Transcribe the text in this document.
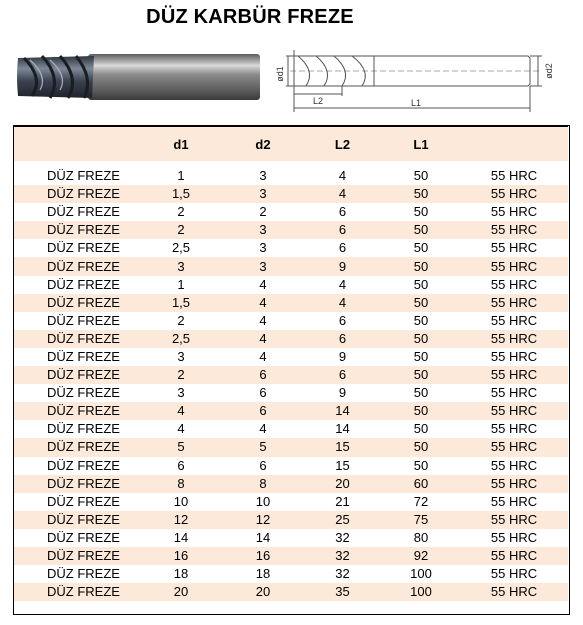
DÜZ KARBÜR FREZE
ød1	ød2
L2	L1
	d1	d2	L2	L1	
DÜZ FREZE	1	3	4	50	55 HRC
DÜZ FREZE	1,5	3	4	50	55 HRC
DÜZ FREZE	2	2	6	50	55 HRC
DÜZ FREZE	2	3	6	50	55 HRC
DÜZ FREZE	2,5	3	6	50	55 HRC
DÜZ FREZE	3	3	9	50	55 HRC
DÜZ FREZE	1	4	4	50	55 HRC
DÜZ FREZE	1,5	4	4	50	55 HRC
DÜZ FREZE	2	4	6	50	55 HRC
DÜZ FREZE	2,5	4	6	50	55 HRC
DÜZ FREZE	3	4	9	50	55 HRC
DÜZ FREZE	2	6	6	50	55 HRC
DÜZ FREZE	3	6	9	50	55 HRC
DÜZ FREZE	4	6	14	50	55 HRC
DÜZ FREZE	4	4	14	50	55 HRC
DÜZ FREZE	5	5	15	50	55 HRC
DÜZ FREZE	6	6	15	50	55 HRC
DÜZ FREZE	8	8	20	60	55 HRC
DÜZ FREZE	10	10	21	72	55 HRC
DÜZ FREZE	12	12	25	75	55 HRC
DÜZ FREZE	14	14	32	80	55 HRC
DÜZ FREZE	16	16	32	92	55 HRC
DÜZ FREZE	18	18	32	100	55 HRC
DÜZ FREZE	20	20	35	100	55 HRC
